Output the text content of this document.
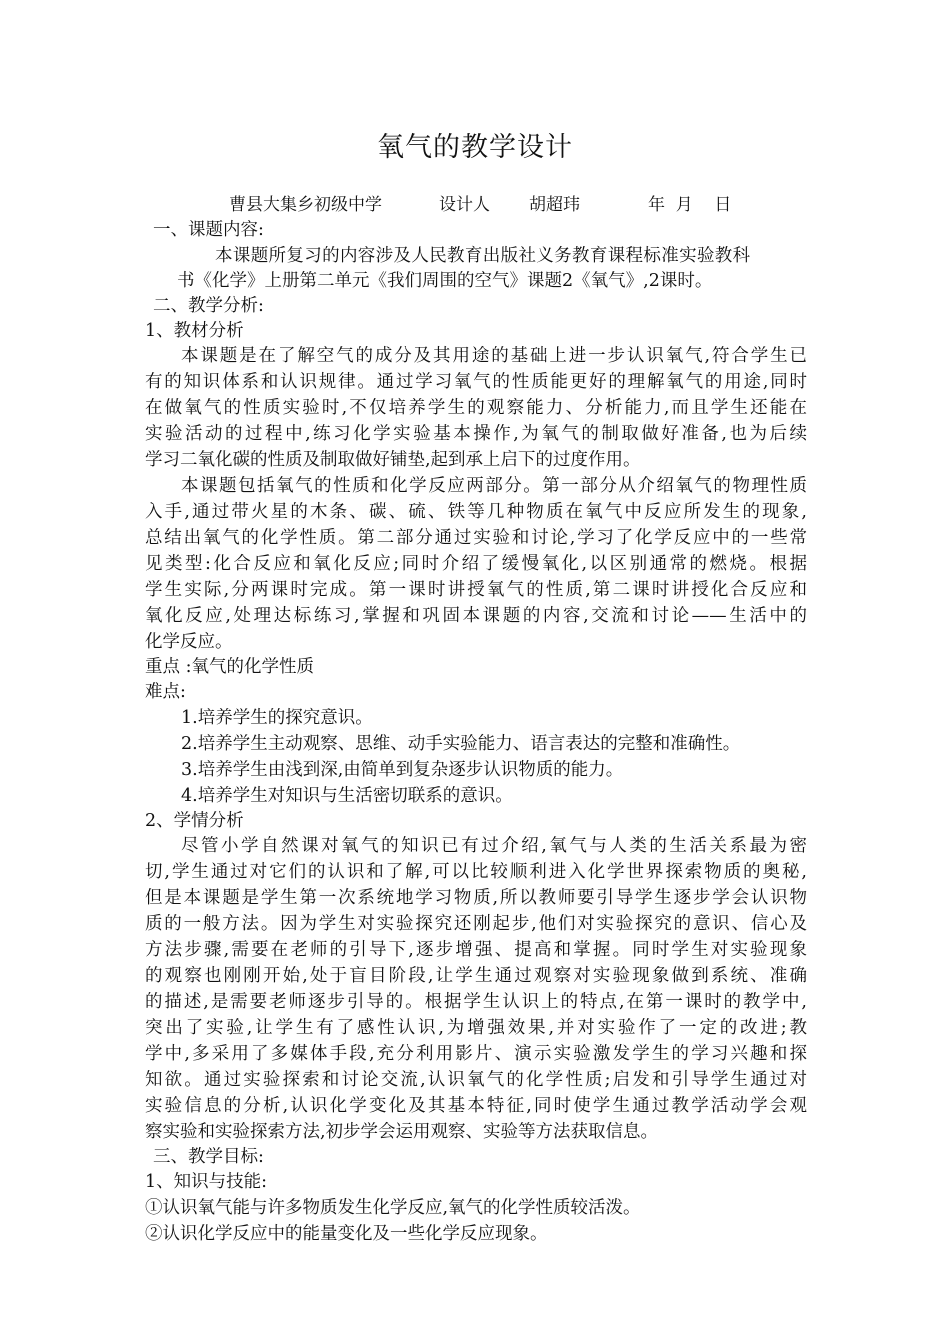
氧气的教学设计
曹县大集乡初级中学	设计人 胡超玮	年  月    日
一、课题内容:
本课题所复习的内容涉及人民教育出版社义务教育课程标准实验教科
书《化学》上册第二单元《我们周围的空气》课题2《氧气》,2课时。
二、教学分析:
1、教材分析
本课题是在了解空气的成分及其用途的基础上进一步认识氧气,符合学生已
有的知识体系和认识规律。通过学习氧气的性质能更好的理解氧气的用途,同时
在做氧气的性质实验时,不仅培养学生的观察能力、分析能力,而且学生还能在
实验活动的过程中,练习化学实验基本操作,为氧气的制取做好准备,也为后续
学习二氧化碳的性质及制取做好铺垫,起到承上启下的过度作用。
本课题包括氧气的性质和化学反应两部分。第一部分从介绍氧气的物理性质
入手,通过带火星的木条、碳、硫、铁等几种物质在氧气中反应所发生的现象,
总结出氧气的化学性质。第二部分通过实验和讨论,学习了化学反应中的一些常
见类型:化合反应和氧化反应;同时介绍了缓慢氧化,以区别通常的燃烧。根据
学生实际,分两课时完成。第一课时讲授氧气的性质,第二课时讲授化合反应和
氧化反应,处理达标练习,掌握和巩固本课题的内容,交流和讨论——生活中的
化学反应。
重点 :氧气的化学性质
难点:
1.培养学生的探究意识。
2.培养学生主动观察、思维、动手实验能力、语言表达的完整和准确性。
3.培养学生由浅到深,由简单到复杂逐步认识物质的能力。
4.培养学生对知识与生活密切联系的意识。
2、学情分析
尽管小学自然课对氧气的知识已有过介绍,氧气与人类的生活关系最为密
切,学生通过对它们的认识和了解,可以比较顺利进入化学世界探索物质的奥秘,
但是本课题是学生第一次系统地学习物质,所以教师要引导学生逐步学会认识物
质的一般方法。因为学生对实验探究还刚起步,他们对实验探究的意识、信心及
方法步骤,需要在老师的引导下,逐步增强、提高和掌握。同时学生对实验现象
的观察也刚刚开始,处于盲目阶段,让学生通过观察对实验现象做到系统、准确
的描述,是需要老师逐步引导的。根据学生认识上的特点,在第一课时的教学中,
突出了实验,让学生有了感性认识,为增强效果,并对实验作了一定的改进;教
学中,多采用了多媒体手段,充分利用影片、演示实验激发学生的学习兴趣和探
知欲。通过实验探索和讨论交流,认识氧气的化学性质;启发和引导学生通过对
实验信息的分析,认识化学变化及其基本特征,同时使学生通过教学活动学会观
察实验和实验探索方法,初步学会运用观察、实验等方法获取信息。
三、教学目标:
1、知识与技能:
①认识氧气能与许多物质发生化学反应,氧气的化学性质较活泼。
②认识化学反应中的能量变化及一些化学反应现象。
